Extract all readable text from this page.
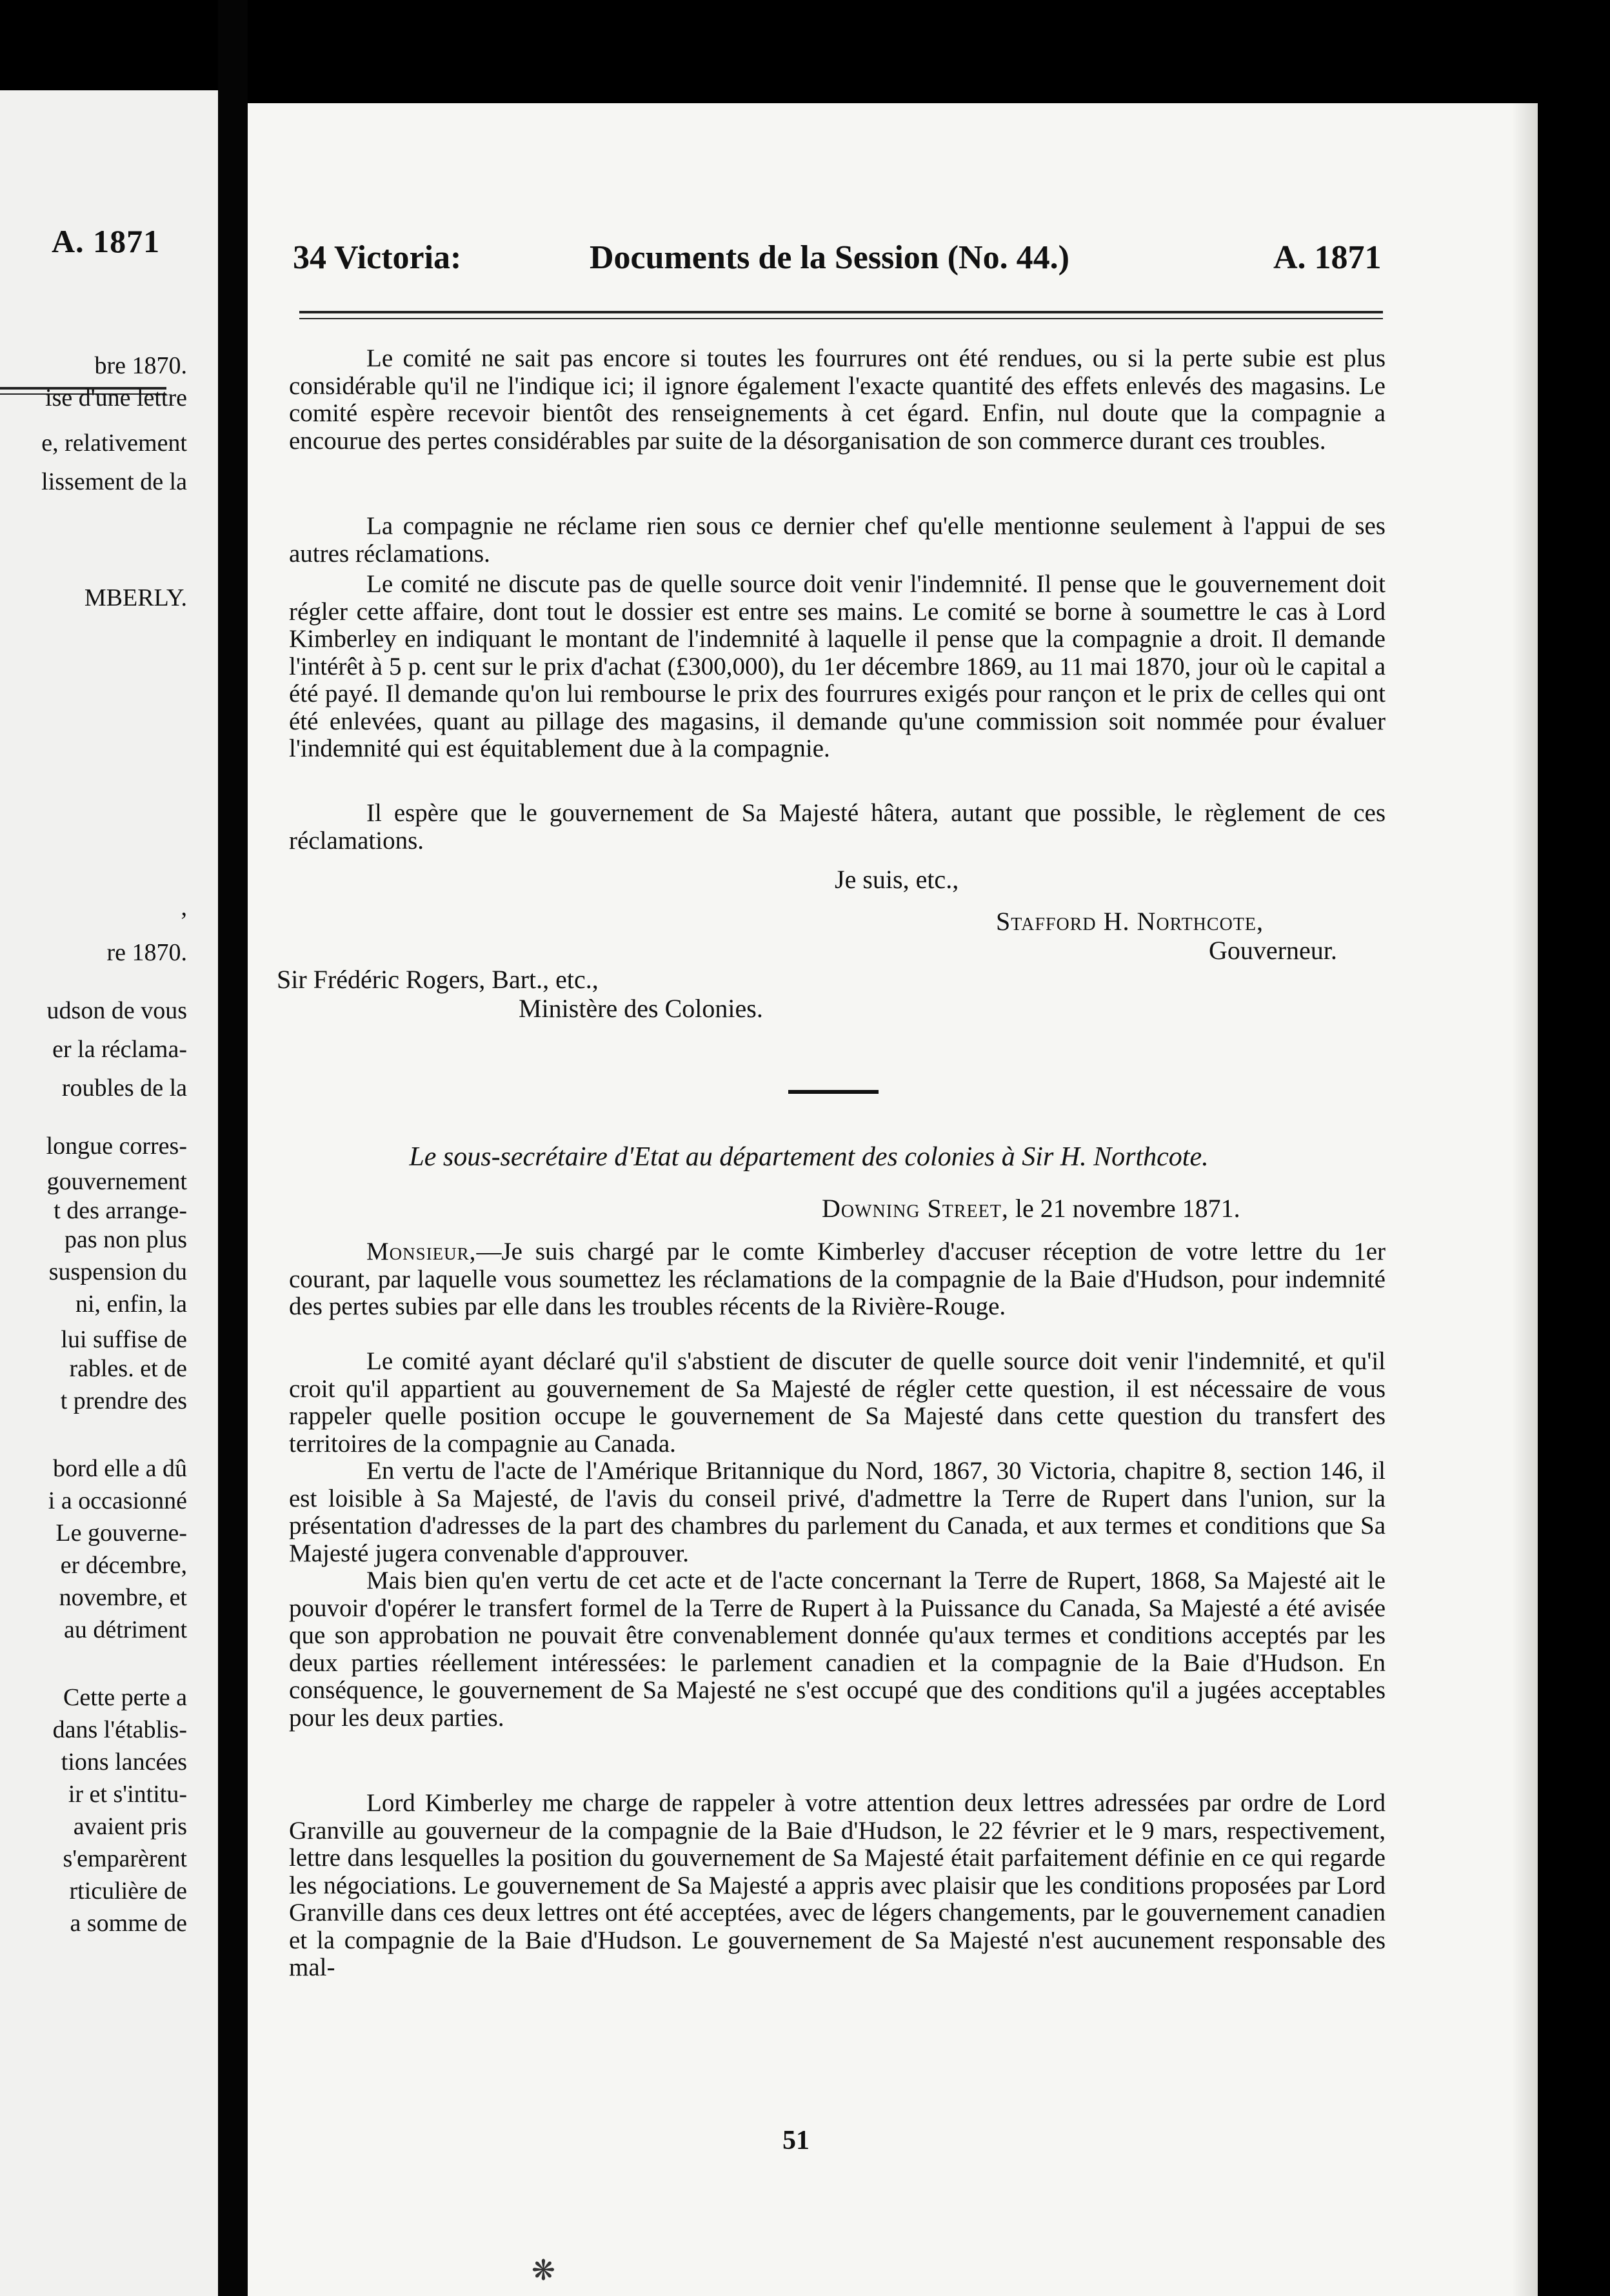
A. 1871
bre 1870.
ise d'une lettre
e, relativement
lissement de la
MBERLY.
,
re 1870.
udson de vous
er la réclama-
roubles de la
longue corres-
gouvernement
t des arrange-
pas non plus
suspension du
ni, enfin, la
lui suffise de
rables. et de
t prendre des
bord elle a dû
i a occasionné
Le gouverne-
er décembre,
novembre, et
au détriment
Cette perte a
dans l'établis-
tions lancées
ir et s'intitu-
avaient pris
s'emparèrent
rticulière de
a somme de
34 Victoria:	Documents de la Session (No. 44.)	A. 1871

Le comité ne sait pas encore si toutes les fourrures ont été rendues, ou si la perte subie est plus considérable qu'il ne l'indique ici; il ignore également l'exacte quantité des effets enlevés des magasins. Le comité espère recevoir bientôt des renseignements à cet égard. Enfin, nul doute que la compagnie a encourue des pertes considérables par suite de la désorganisation de son commerce durant ces troubles.

La compagnie ne réclame rien sous ce dernier chef qu'elle mentionne seulement à l'appui de ses autres réclamations.

Le comité ne discute pas de quelle source doit venir l'indemnité. Il pense que le gouvernement doit régler cette affaire, dont tout le dossier est entre ses mains. Le comité se borne à soumettre le cas à Lord Kimberley en indiquant le montant de l'indemnité à laquelle il pense que la compagnie a droit. Il demande l'intérêt à 5 p. cent sur le prix d'achat (£300,000), du 1er décembre 1869, au 11 mai 1870, jour où le capital a été payé. Il demande qu'on lui rembourse le prix des fourrures exigés pour rançon et le prix de celles qui ont été enlevées, quant au pillage des magasins, il demande qu'une commission soit nommée pour évaluer l'indemnité qui est équitablement due à la compagnie.

Il espère que le gouvernement de Sa Majesté hâtera, autant que possible, le règlement de ces réclamations.

Je suis, etc.,
Stafford H. Northcote,
Gouverneur.
Sir Frédéric Rogers, Bart., etc.,
Ministère des Colonies.
Le sous-secrétaire d'Etat au département des colonies à Sir H. Northcote.
Downing Street, le 21 novembre 1871.

Monsieur,—Je suis chargé par le comte Kimberley d'accuser réception de votre lettre du 1er courant, par laquelle vous soumettez les réclamations de la compagnie de la Baie d'Hudson, pour indemnité des pertes subies par elle dans les troubles récents de la Rivière-Rouge.

Le comité ayant déclaré qu'il s'abstient de discuter de quelle source doit venir l'indemnité, et qu'il croit qu'il appartient au gouvernement de Sa Majesté de régler cette question, il est nécessaire de vous rappeler quelle position occupe le gouvernement de Sa Majesté dans cette question du transfert des territoires de la compagnie au Canada.

En vertu de l'acte de l'Amérique Britannique du Nord, 1867, 30 Victoria, chapitre 8, section 146, il est loisible à Sa Majesté, de l'avis du conseil privé, d'admettre la Terre de Rupert dans l'union, sur la présentation d'adresses de la part des chambres du parlement du Canada, et aux termes et conditions que Sa Majesté jugera convenable d'approuver.

Mais bien qu'en vertu de cet acte et de l'acte concernant la Terre de Rupert, 1868, Sa Majesté ait le pouvoir d'opérer le transfert formel de la Terre de Rupert à la Puissance du Canada, Sa Majesté a été avisée que son approbation ne pouvait être convenablement donnée qu'aux termes et conditions acceptés par les deux parties réellement intéressées: le parlement canadien et la compagnie de la Baie d'Hudson. En conséquence, le gouvernement de Sa Majesté ne s'est occupé que des conditions qu'il a jugées acceptables pour les deux parties.

Lord Kimberley me charge de rappeler à votre attention deux lettres adressées par ordre de Lord Granville au gouverneur de la compagnie de la Baie d'Hudson, le 22 février et le 9 mars, respectivement, lettre dans lesquelles la position du gouvernement de Sa Majesté était parfaitement définie en ce qui regarde les négociations. Le gouvernement de Sa Majesté a appris avec plaisir que les conditions proposées par Lord Granville dans ces deux lettres ont été acceptées, avec de légers changements, par le gouvernement canadien et la compagnie de la Baie d'Hudson. Le gouvernement de Sa Majesté n'est aucunement responsable des mal-

51
❋
